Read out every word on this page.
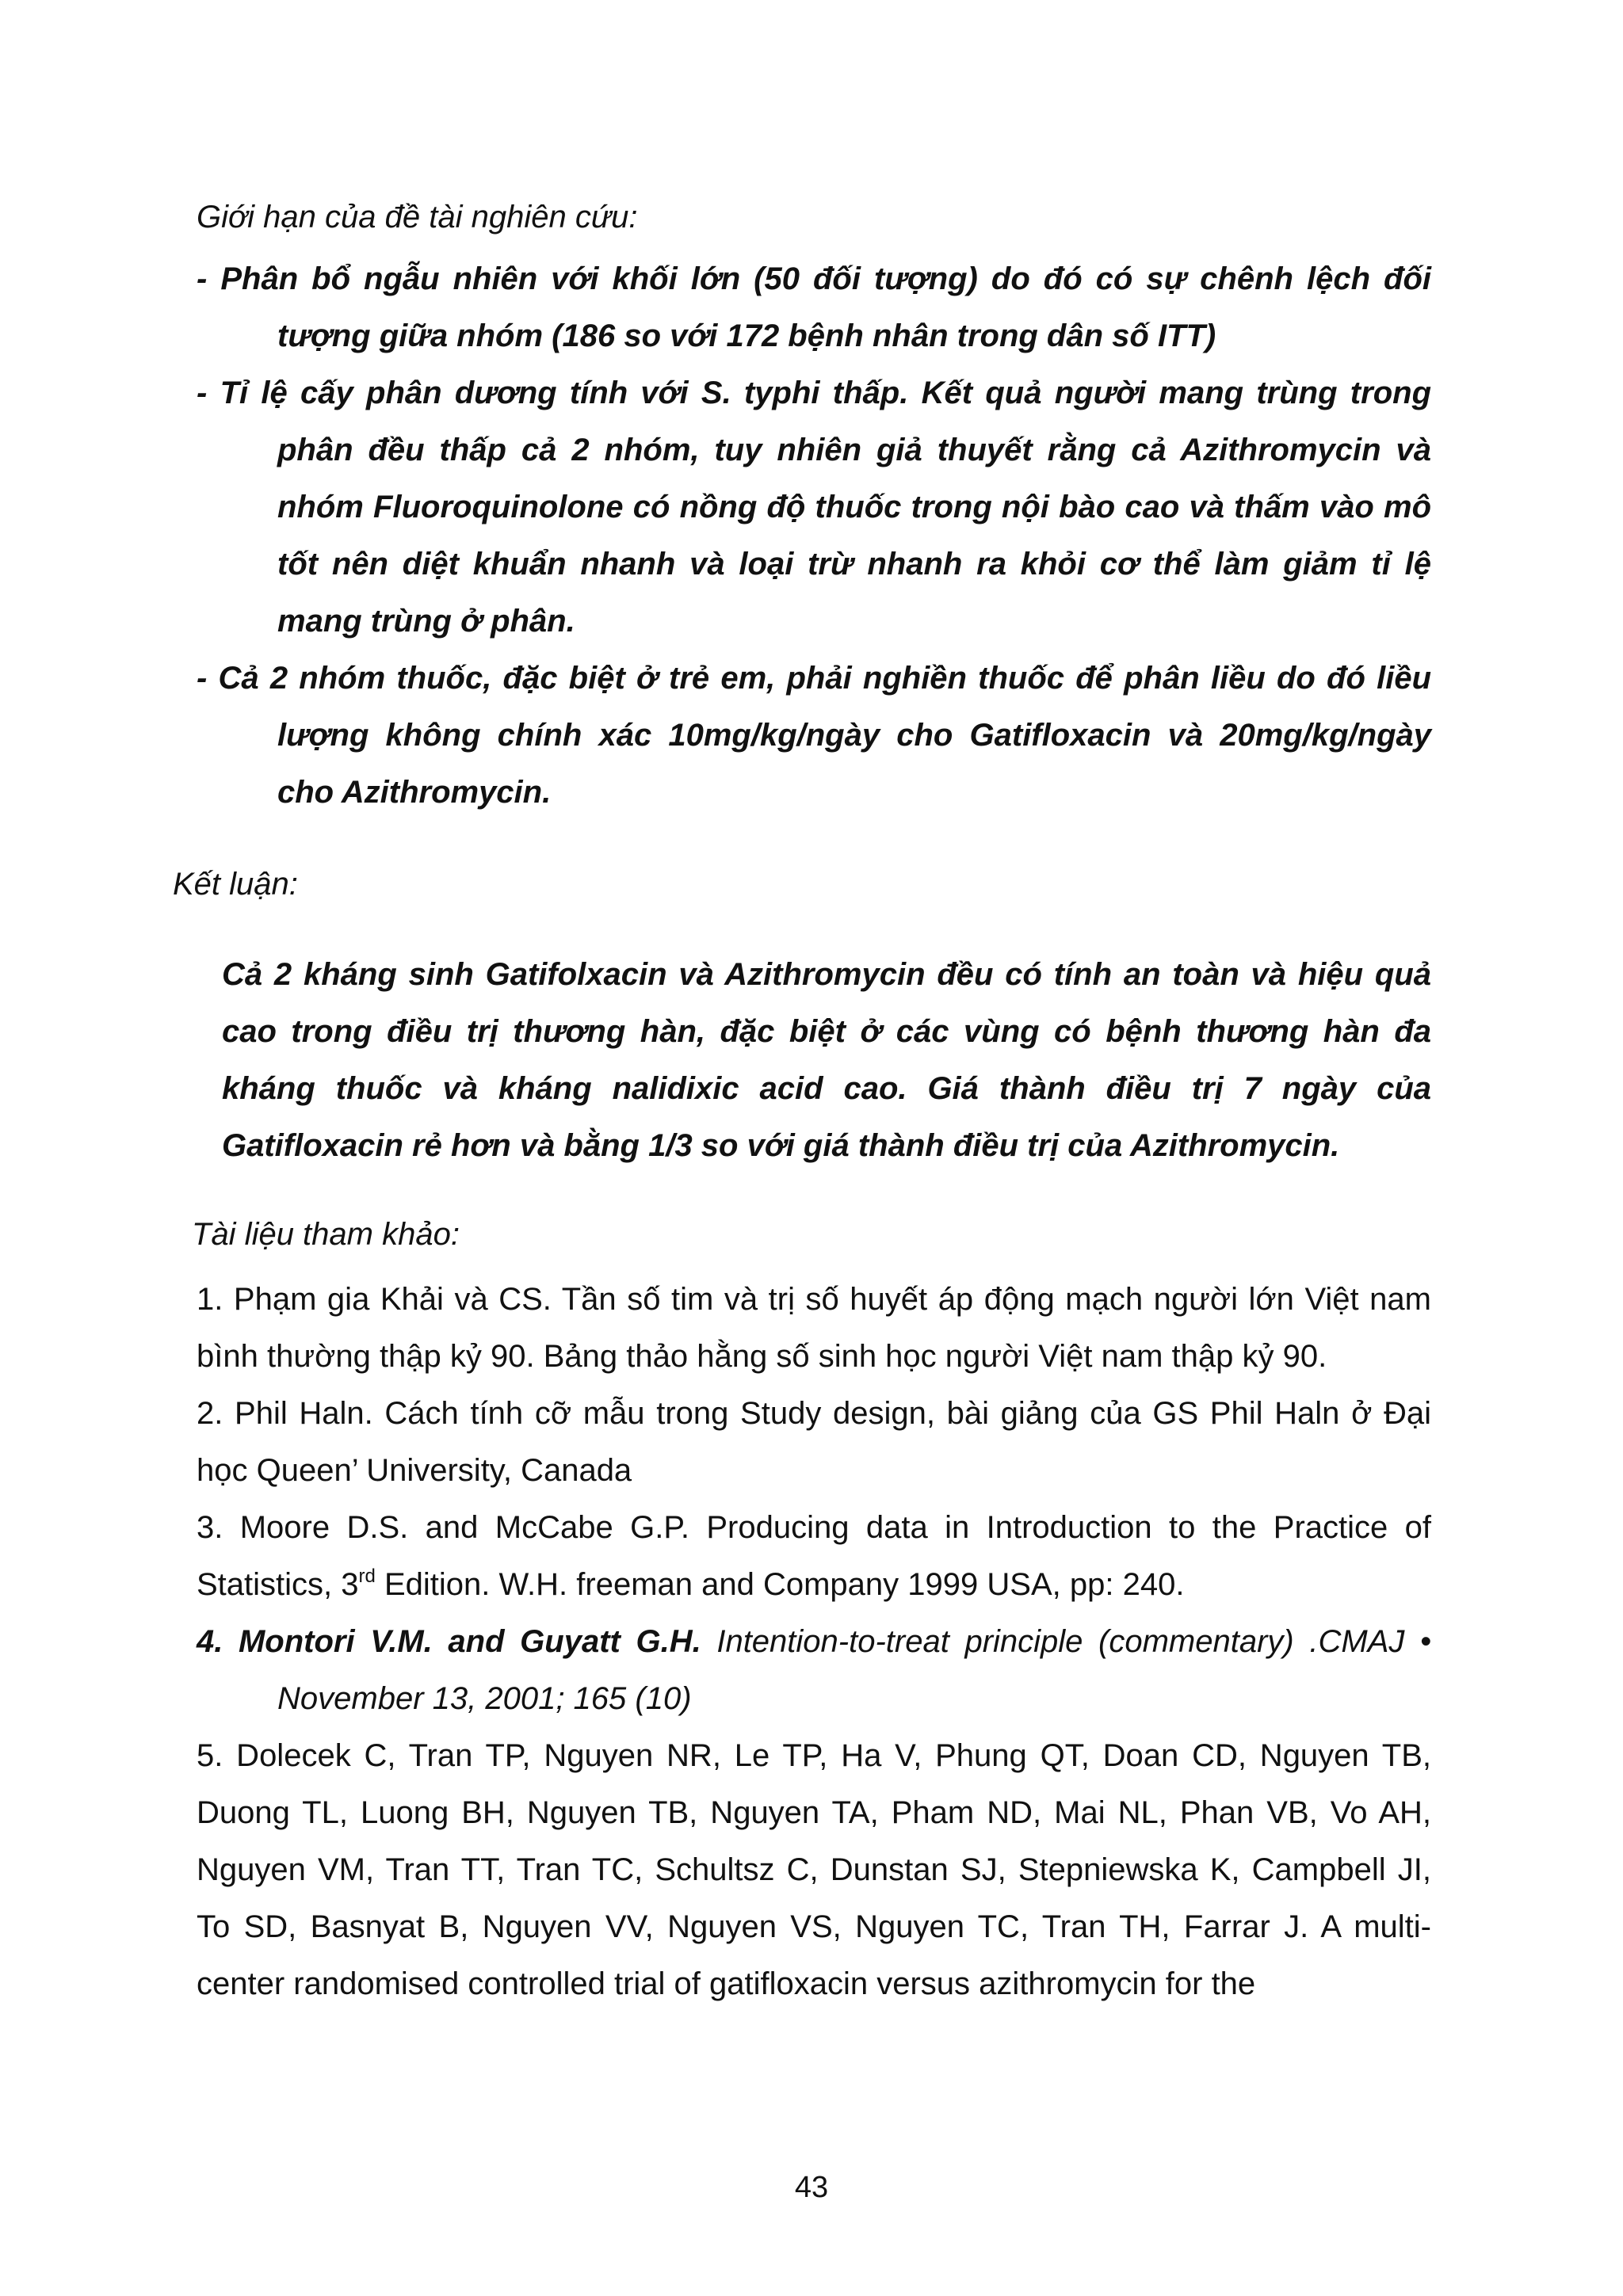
Giới hạn của đề tài nghiên cứu:
- Phân bổ ngẫu nhiên với khối lớn (50 đối tượng) do đó có sự chênh lệch đối tượng giữa nhóm (186 so với 172 bệnh nhân trong dân số ITT)
- Tỉ lệ cấy phân dương tính với S. typhi thấp. Kết quả người mang trùng trong phân đều thấp cả 2 nhóm, tuy nhiên giả thuyết rằng cả Azithromycin và nhóm Fluoroquinolone có nồng độ thuốc trong nội bào cao và thấm vào mô tốt nên diệt khuẩn nhanh và loại trừ nhanh ra khỏi cơ thể làm giảm tỉ lệ mang trùng ở phân.
- Cả 2 nhóm thuốc, đặc biệt ở trẻ em, phải nghiền thuốc để phân liều do đó liều lượng không chính xác 10mg/kg/ngày cho Gatifloxacin và 20mg/kg/ngày cho Azithromycin.
Kết luận:

Cả 2 kháng sinh Gatifolxacin và Azithromycin đều có tính an toàn và hiệu quả cao trong điều trị thương hàn, đặc biệt ở các vùng có bệnh thương hàn đa kháng thuốc và kháng nalidixic acid cao. Giá thành điều trị 7 ngày của Gatifloxacin rẻ hơn và bằng 1/3 so với giá thành điều trị của Azithromycin.

Tài liệu tham khảo:
1. Phạm gia Khải và CS. Tần số tim và trị số huyết áp động mạch người lớn Việt nam bình thường thập kỷ 90. Bảng thảo hằng số sinh học người Việt nam thập kỷ 90.
2. Phil Haln. Cách tính cỡ mẫu trong Study design, bài giảng của GS Phil Haln ở Đại học Queen’ University, Canada
3. Moore D.S. and McCabe G.P. Producing data in Introduction to the Practice of Statistics, 3rd Edition. W.H. freeman and Company 1999 USA, pp: 240.
4. Montori V.M. and Guyatt G.H. Intention-to-treat principle (commentary) .CMAJ • November 13, 2001; 165 (10)
5. Dolecek C, Tran TP, Nguyen NR, Le TP, Ha V, Phung QT, Doan CD, Nguyen TB, Duong TL, Luong BH, Nguyen TB, Nguyen TA, Pham ND, Mai NL, Phan VB, Vo AH, Nguyen VM, Tran TT, Tran TC, Schultsz C, Dunstan SJ, Stepniewska K, Campbell JI, To SD, Basnyat B, Nguyen VV, Nguyen VS, Nguyen TC, Tran TH, Farrar J. A multi-center randomised controlled trial of gatifloxacin versus azithromycin for the
43
